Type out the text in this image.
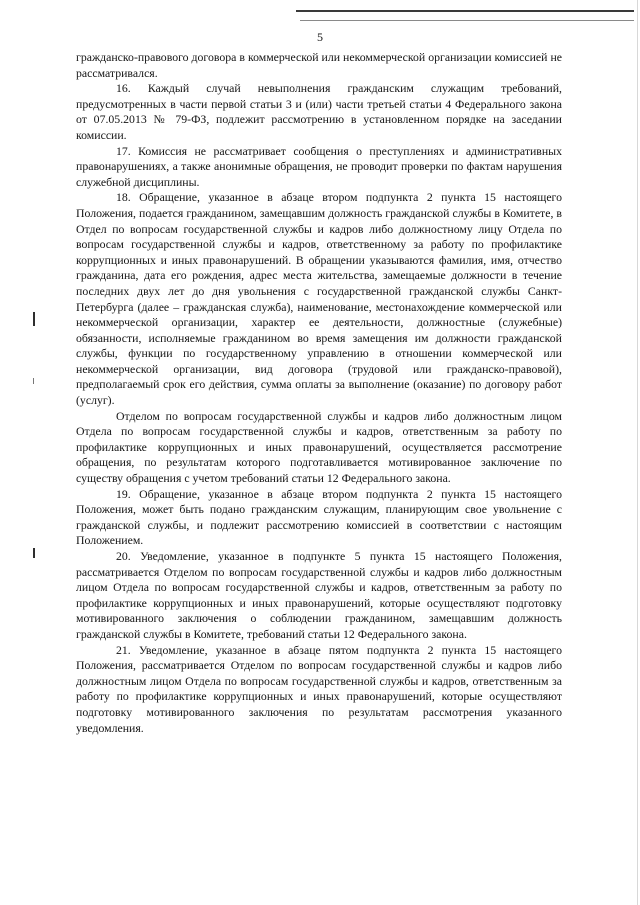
5

гражданско-правового договора в коммерческой или некоммерческой организации комиссией не рассматривался.

16. Каждый случай невыполнения гражданским служащим требований, предусмотренных в части первой статьи 3 и (или) части третьей статьи 4 Федерального закона от 07.05.2013 № 79-ФЗ, подлежит рассмотрению в установленном порядке на заседании комиссии.

17. Комиссия не рассматривает сообщения о преступлениях и административных правонарушениях, а также анонимные обращения, не проводит проверки по фактам нарушения служебной дисциплины.

18. Обращение, указанное в абзаце втором подпункта 2 пункта 15 настоящего Положения, подается гражданином, замещавшим должность гражданской службы в Комитете, в Отдел по вопросам государственной службы и кадров либо должностному лицу Отдела по вопросам государственной службы и кадров, ответственному за работу по профилактике коррупционных и иных правонарушений. В обращении указываются фамилия, имя, отчество гражданина, дата его рождения, адрес места жительства, замещаемые должности в течение последних двух лет до дня увольнения с государственной гражданской службы Санкт-Петербурга (далее – гражданская служба), наименование, местонахождение коммерческой или некоммерческой организации, характер ее деятельности, должностные (служебные) обязанности, исполняемые гражданином во время замещения им должности гражданской службы, функции по государственному управлению в отношении коммерческой или некоммерческой организации, вид договора (трудовой или гражданско-правовой), предполагаемый срок его действия, сумма оплаты за выполнение (оказание) по договору работ (услуг).

Отделом по вопросам государственной службы и кадров либо должностным лицом Отдела по вопросам государственной службы и кадров, ответственным за работу по профилактике коррупционных и иных правонарушений, осуществляется рассмотрение обращения, по результатам которого подготавливается мотивированное заключение по существу обращения с учетом требований статьи 12 Федерального закона.

19. Обращение, указанное в абзаце втором подпункта 2 пункта 15 настоящего Положения, может быть подано гражданским служащим, планирующим свое увольнение с гражданской службы, и подлежит рассмотрению комиссией в соответствии с настоящим Положением.

20. Уведомление, указанное в подпункте 5 пункта 15 настоящего Положения, рассматривается Отделом по вопросам государственной службы и кадров либо должностным лицом Отдела по вопросам государственной службы и кадров, ответственным за работу по профилактике коррупционных и иных правонарушений, которые осуществляют подготовку мотивированного заключения о соблюдении гражданином, замещавшим должность гражданской службы в Комитете, требований статьи 12 Федерального закона.

21. Уведомление, указанное в абзаце пятом подпункта 2 пункта 15 настоящего Положения, рассматривается Отделом по вопросам государственной службы и кадров либо должностным лицом Отдела по вопросам государственной службы и кадров, ответственным за работу по профилактике коррупционных и иных правонарушений, которые осуществляют подготовку мотивированного заключения по результатам рассмотрения указанного уведомления.
